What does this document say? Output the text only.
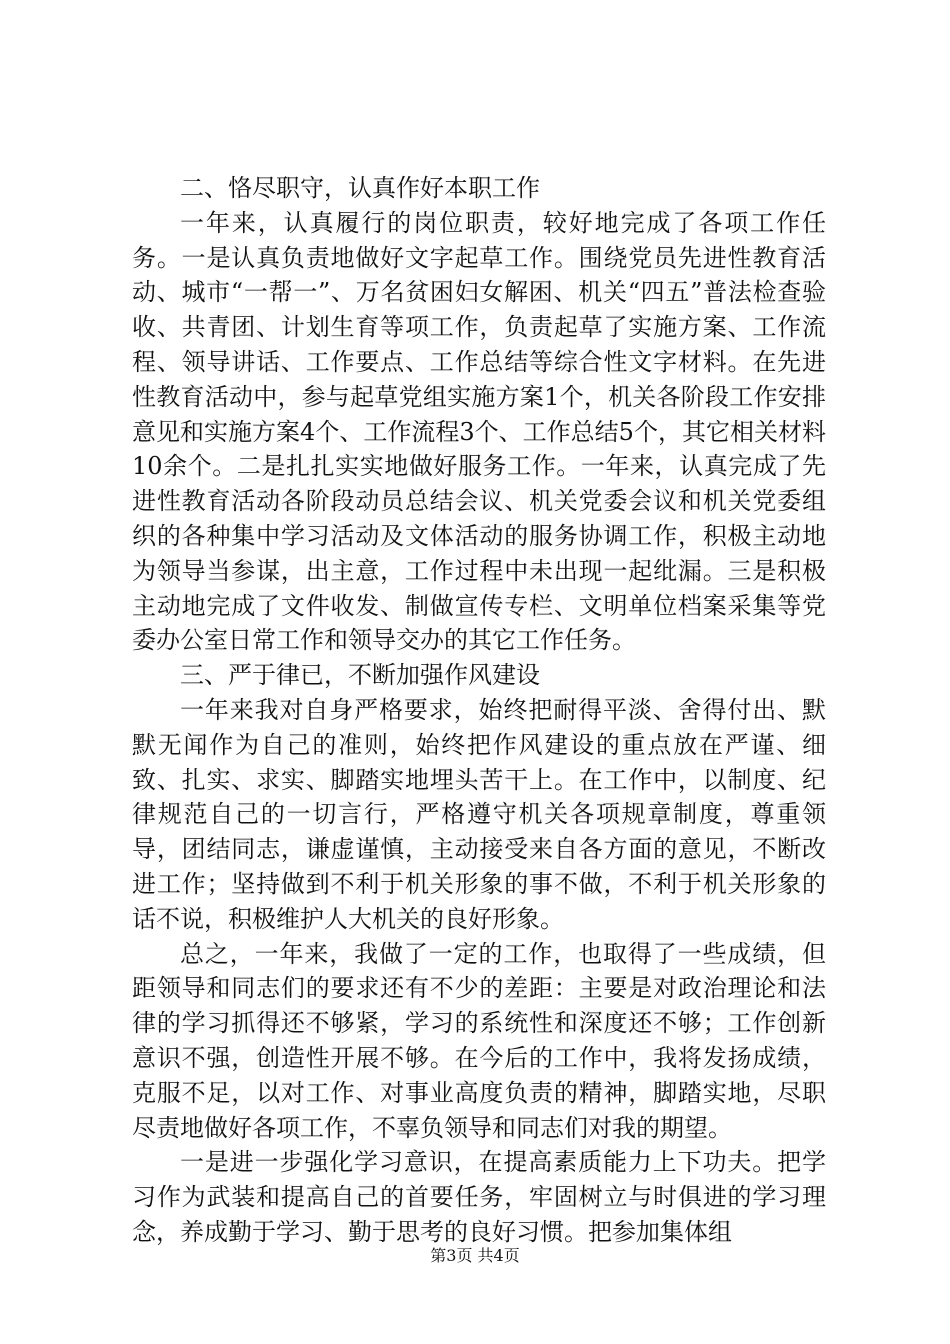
二、恪尽职守，认真作好本职工作

一年来，认真履行的岗位职责，较好地完成了各项工作任务。一是认真负责地做好文字起草工作。围绕党员先进性教育活动、城市“一帮一”、万名贫困妇女解困、机关“四五”普法检查验收、共青团、计划生育等项工作，负责起草了实施方案、工作流程、领导讲话、工作要点、工作总结等综合性文字材料。在先进性教育活动中，参与起草党组实施方案1个，机关各阶段工作安排意见和实施方案4个、工作流程3个、工作总结5个，其它相关材料10余个。二是扎扎实实地做好服务工作。一年来，认真完成了先进性教育活动各阶段动员总结会议、机关党委会议和机关党委组织的各种集中学习活动及文体活动的服务协调工作，积极主动地为领导当参谋，出主意，工作过程中未出现一起纰漏。三是积极主动地完成了文件收发、制做宣传专栏、文明单位档案采集等党委办公室日常工作和领导交办的其它工作任务。

三、严于律已，不断加强作风建设

一年来我对自身严格要求，始终把耐得平淡、舍得付出、默默无闻作为自己的准则，始终把作风建设的重点放在严谨、细致、扎实、求实、脚踏实地埋头苦干上。在工作中，以制度、纪律规范自己的一切言行，严格遵守机关各项规章制度，尊重领导，团结同志，谦虚谨慎，主动接受来自各方面的意见，不断改进工作；坚持做到不利于机关形象的事不做，不利于机关形象的话不说，积极维护人大机关的良好形象。

总之，一年来，我做了一定的工作，也取得了一些成绩，但距领导和同志们的要求还有不少的差距：主要是对政治理论和法律的学习抓得还不够紧，学习的系统性和深度还不够；工作创新意识不强，创造性开展不够。在今后的工作中，我将发扬成绩，克服不足，以对工作、对事业高度负责的精神，脚踏实地，尽职尽责地做好各项工作，不辜负领导和同志们对我的期望。

一是进一步强化学习意识，在提高素质能力上下功夫。把学习作为武装和提高自己的首要任务，牢固树立与时俱进的学习理念，养成勤于学习、勤于思考的良好习惯。把参加集体组

第3页 共4页
